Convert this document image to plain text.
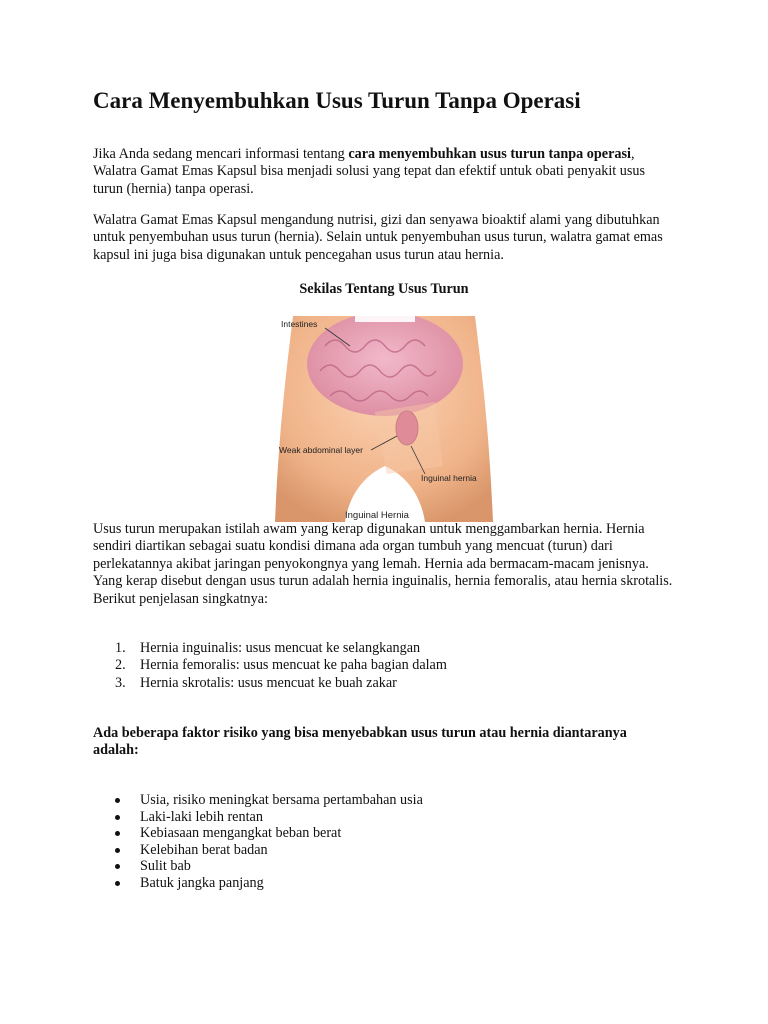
Cara Menyembuhkan Usus Turun Tanpa Operasi

Jika Anda sedang mencari informasi tentang cara menyembuhkan usus turun tanpa operasi, Walatra Gamat Emas Kapsul bisa menjadi solusi yang tepat dan efektif untuk obati penyakit usus turun (hernia) tanpa operasi.

Walatra Gamat Emas Kapsul mengandung nutrisi, gizi dan senyawa bioaktif alami yang dibutuhkan untuk penyembuhan usus turun (hernia). Selain untuk penyembuhan usus turun, walatra gamat emas kapsul ini juga bisa digunakan untuk pencegahan usus turun atau hernia.

Sekilas Tentang Usus Turun

Intestines
Weak abdominal layer
Inguinal hernia
Inguinal Hernia

Usus turun merupakan istilah awam yang kerap digunakan untuk menggambarkan hernia. Hernia sendiri diartikan sebagai suatu kondisi dimana ada organ tumbuh yang mencuat (turun) dari perlekatannya akibat jaringan penyokongnya yang lemah. Hernia ada bermacam-macam jenisnya. Yang kerap disebut dengan usus turun adalah hernia inguinalis, hernia femoralis, atau hernia skrotalis. Berikut penjelasan singkatnya:

1. Hernia inguinalis: usus mencuat ke selangkangan
2. Hernia femoralis: usus mencuat ke paha bagian dalam
3. Hernia skrotalis: usus mencuat ke buah zakar

Ada beberapa faktor risiko yang bisa menyebabkan usus turun atau hernia diantaranya adalah:

Usia, risiko meningkat bersama pertambahan usia
Laki-laki lebih rentan
Kebiasaan mengangkat beban berat
Kelebihan berat badan
Sulit bab
Batuk jangka panjang
